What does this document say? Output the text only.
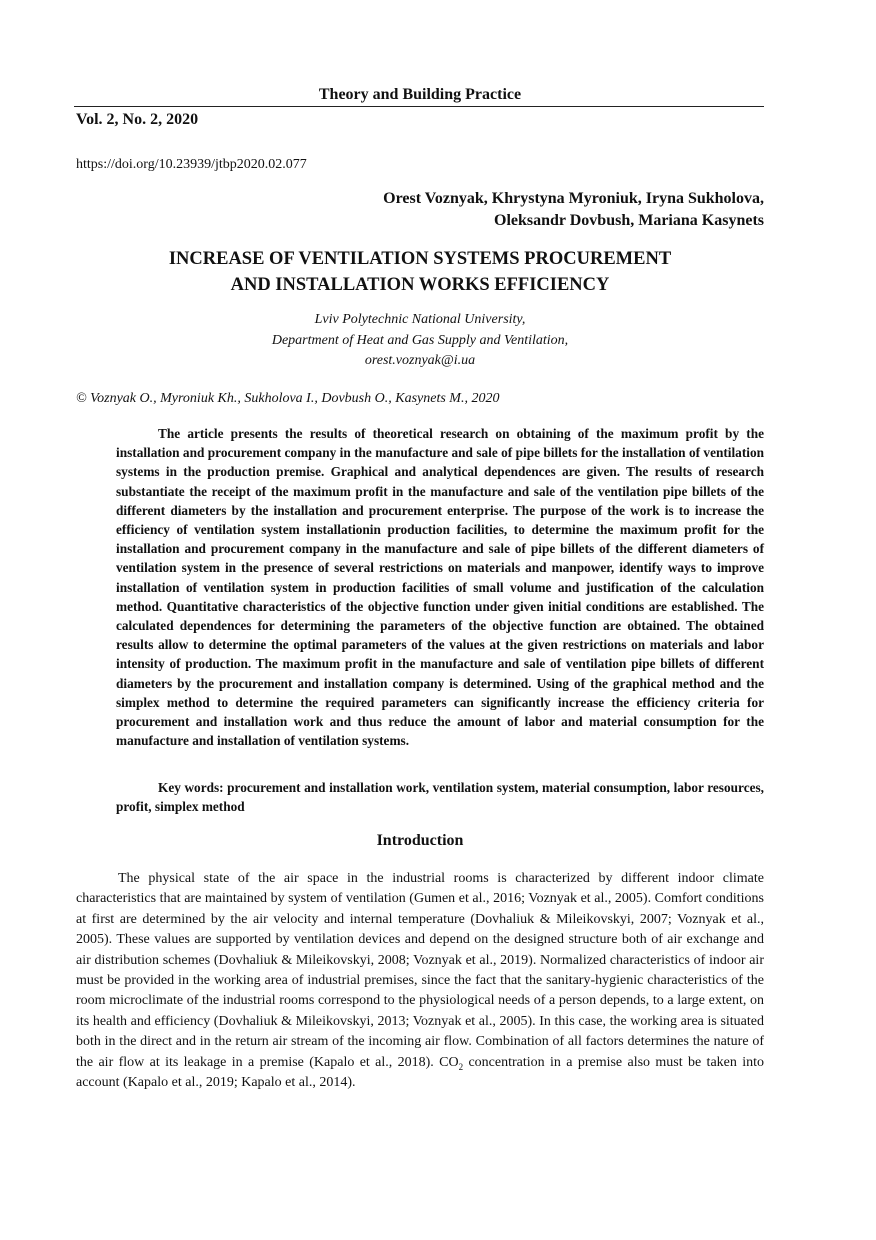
Theory and Building Practice
Vol. 2, No. 2, 2020
https://doi.org/10.23939/jtbp2020.02.077
Orest Voznyak, Khrystyna Myroniuk, Iryna Sukholova,
Oleksandr Dovbush, Mariana Kasynets
INCREASE OF VENTILATION SYSTEMS PROCUREMENT
AND INSTALLATION WORKS EFFICIENCY
Lviv Polytechnic National University,
Department of Heat and Gas Supply and Ventilation,
orest.voznyak@i.ua
© Voznyak O., Myroniuk Kh., Sukholova I., Dovbush O., Kasynets M., 2020

The article presents the results of theoretical research on obtaining of the maximum profit by the installation and procurement company in the manufacture and sale of pipe billets for the installation of ventilation systems in the production premise. Graphical and analytical dependences are given. The results of research substantiate the receipt of the maximum profit in the manufacture and sale of the ventilation pipe billets of the different diameters by the installation and procurement enterprise. The purpose of the work is to increase the efficiency of ventilation system installationin production facilities, to determine the maximum profit for the installation and procurement company in the manufacture and sale of pipe billets of the different diameters of ventilation system in the presence of several restrictions on materials and manpower, identify ways to improve installation of ventilation system in production facilities of small volume and justification of the calculation method. Quantitative characteristics of the objective function under given initial conditions are established. The calculated dependences for determining the parameters of the objective function are obtained. The obtained results allow to determine the optimal parameters of the values at the given restrictions on materials and labor intensity of production. The maximum profit in the manufacture and sale of ventilation pipe billets of different diameters by the procurement and installation company is determined. Using of the graphical method and the simplex method to determine the required parameters can significantly increase the efficiency criteria for procurement and installation work and thus reduce the amount of labor and material consumption for the manufacture and installation of ventilation systems.

Key words: procurement and installation work, ventilation system, material consumption, labor resources, profit, simplex method

Introduction

The physical state of the air space in the industrial rooms is characterized by different indoor climate characteristics that are maintained by system of ventilation (Gumen et al., 2016; Voznyak et al., 2005). Comfort conditions at first are determined by the air velocity and internal temperature (Dovhaliuk & Mileikovskyi, 2007; Voznyak et al., 2005). These values are supported by ventilation devices and depend on the designed structure both of air exchange and air distribution schemes (Dovhaliuk & Mileikovskyi, 2008; Voznyak et al., 2019). Normalized characteristics of indoor air must be provided in the working area of industrial premises, since the fact that the sanitary-hygienic characteristics of the room microclimate of the industrial rooms correspond to the physiological needs of a person depends, to a large extent, on its health and efficiency (Dovhaliuk & Mileikovskyi, 2013; Voznyak et al., 2005). In this case, the working area is situated both in the direct and in the return air stream of the incoming air flow. Combination of all factors determines the nature of the air flow at its leakage in a premise (Kapalo et al., 2018). $CO_2$ concentration in a premise also must be taken into account (Kapalo et al., 2019; Kapalo et al., 2014).
